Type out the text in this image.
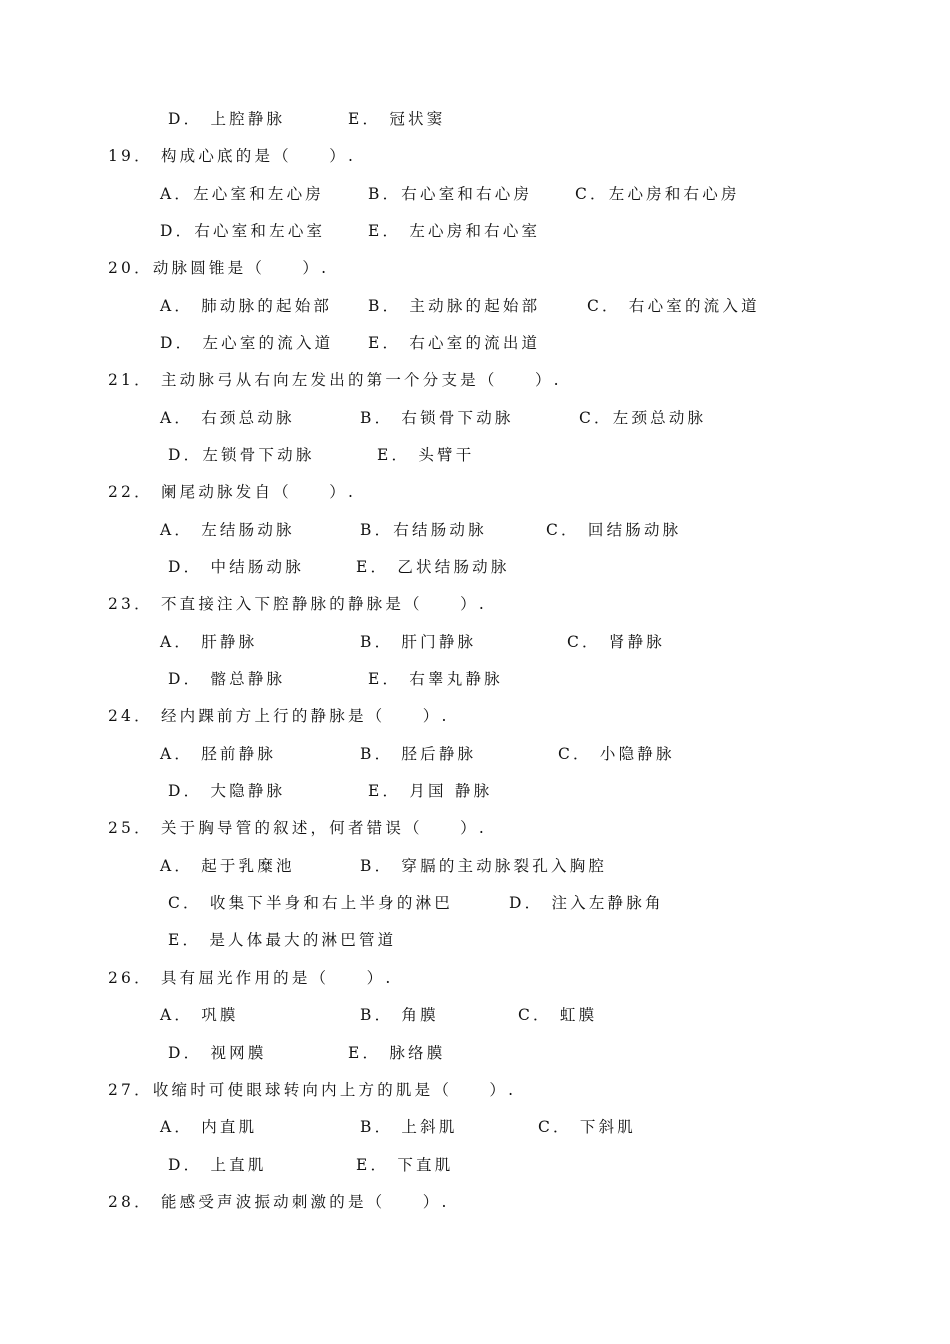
D． 上腔静脉	E． 冠状窦
19． 构成心底的是（　　）.
A．左心室和左心房	B．右心室和右心房	C．左心房和右心房
D．右心室和左心室	E． 左心房和右心室
20．动脉圆锥是（　　）.
A． 肺动脉的起始部 B． 主动脉的起始部	C． 右心室的流入道
D． 左心室的流入道 E． 右心室的流出道
21． 主动脉弓从右向左发出的第一个分支是（　　）.
A． 右颈总动脉	B． 右锁骨下动脉	C．左颈总动脉
D．左锁骨下动脉	E． 头臂干
22． 阑尾动脉发自（　　）.
A． 左结肠动脉	B．右结肠动脉	C． 回结肠动脉
D． 中结肠动脉	E． 乙状结肠动脉
23． 不直接注入下腔静脉的静脉是（　　）.
A． 肝静脉	B． 肝门静脉	C． 肾静脉
D． 髂总静脉	E． 右睾丸静脉
24． 经内踝前方上行的静脉是（　　）.
A． 胫前静脉	B． 胫后静脉	C． 小隐静脉
D． 大隐静脉	E． 月国 静脉
25． 关于胸导管的叙述，何者错误（　　）.
A． 起于乳糜池	B． 穿膈的主动脉裂孔入胸腔
C． 收集下半身和右上半身的淋巴	D． 注入左静脉角
E． 是人体最大的淋巴管道
26． 具有屈光作用的是（　　）.
A． 巩膜	B． 角膜	C． 虹膜
D． 视网膜	E． 脉络膜
27．收缩时可使眼球转向内上方的肌是（　　）.
A． 内直肌	B． 上斜肌	C． 下斜肌
D． 上直肌	E． 下直肌
28． 能感受声波振动刺激的是（　　）.
